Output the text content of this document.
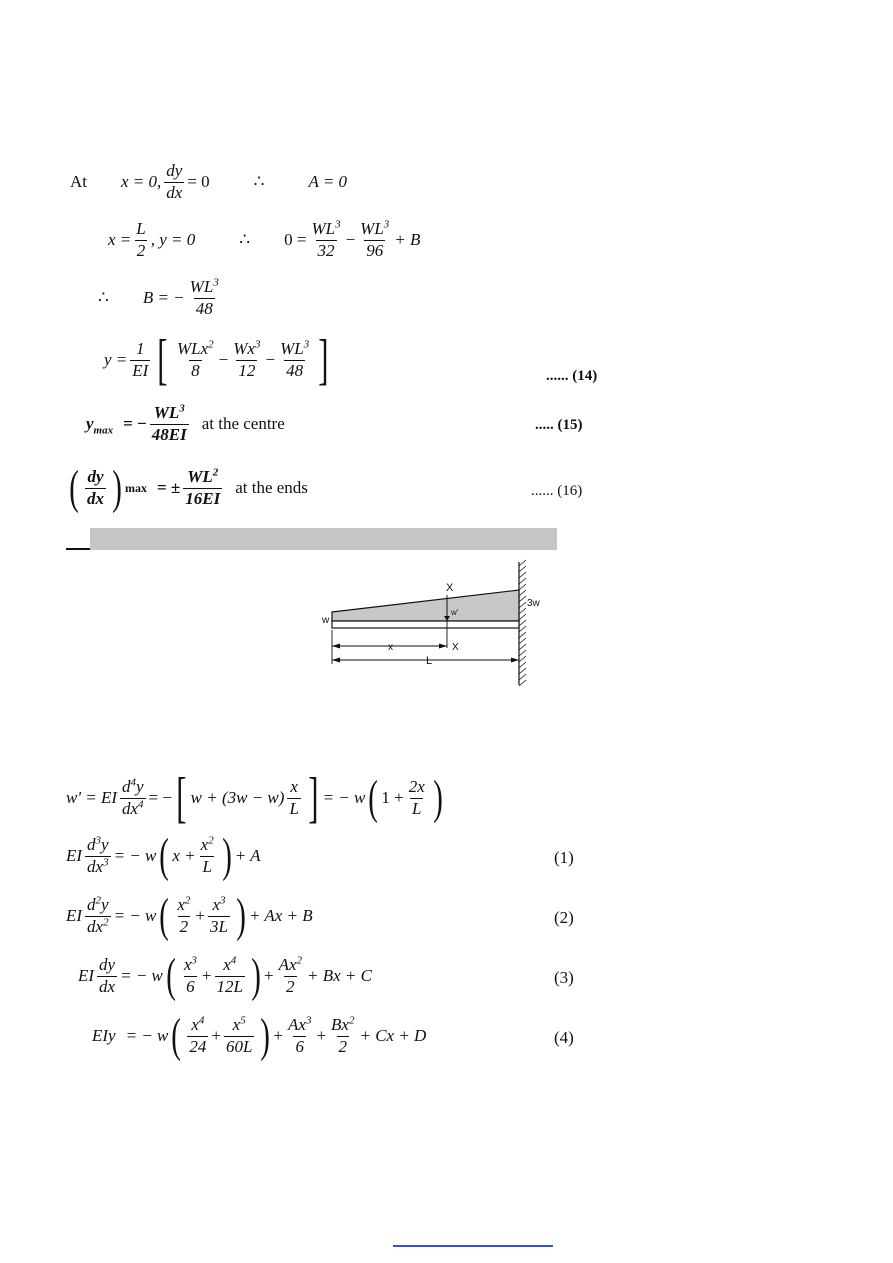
At x = 0, $\frac{dy}{dx} = 0$	∴	A = 0
$x = \frac{L}{2}$ , y = 0	∴ $0 = \frac{WL^3}{32} - \frac{WL^3}{96} + B$
∴ B = − $\frac{WL^3}{48}$
$y = \frac{1}{EI}$ [ $\frac{WLx^2}{8} - \frac{Wx^3}{12} - \frac{WL^3}{48}$ ]	...... (14)
$y_{max}$ = − $\frac{WL^3}{48EI}$ at the centre	..... (15)
( $\frac{dy}{dx}$ ) max = ± $\frac{WL^2}{16EI}$ at the ends	...... (16)
X
w'
w
3w
x	X
L
w' = EI $\frac{d^4y}{dx^4}$ = − [ $w + (3w - w) \frac{x}{L}$ ] = − w ( $1 + \frac{2x}{L}$ )
EI $\frac{d^3y}{dx^3}$ = − w ( $x + \frac{x^2}{L}$ ) + A	(1)
EI $\frac{d^2y}{dx^2}$ = − w ( $\frac{x^2}{2} + \frac{x^3}{3L}$ ) + Ax + B	(2)
EI $\frac{dy}{dx}$ = − w ( $\frac{x^3}{6} + \frac{x^4}{12L}$ ) + $\frac{Ax^2}{2} + Bx + C$	(3)
EIy = − w ( $\frac{x^4}{24} + \frac{x^5}{60L}$ ) + $\frac{Ax^3}{6} + \frac{Bx^2}{2} + Cx + D$	(4)
